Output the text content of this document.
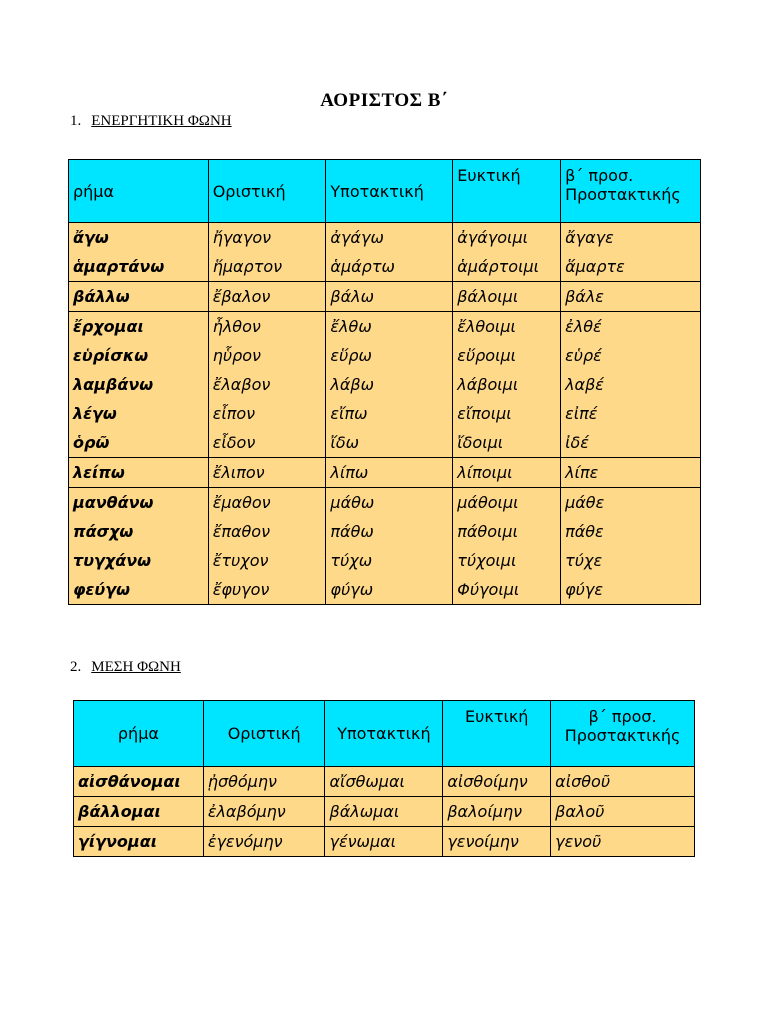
ΑΟΡΙΣΤΟΣ Β΄
1. ΕΝΕΡΓΗΤΙΚΗ ΦΩΝΗ
ρήμα	Οριστική	Υποτακτική	Ευκτική	β΄ προσ.
Προστακτικής

ἄγω	ἤγαγον	ἀγάγω	ἀγάγοιμι	ἄγαγε
ἁμαρτάνω	ἥμαρτον	ἁμάρτω	ἁμάρτοιμι	ἅμαρτε
βάλλω	ἔβαλον	βάλω	βάλοιμι	βάλε
ἔρχομαι	ἦλθον	ἔλθω	ἔλθοιμι	ἐλθέ
εὑρίσκω	ηὗρον	εὕρω	εὕροιμι	εὑρέ
λαμβάνω	ἔλαβον	λάβω	λάβοιμι	λαβέ
λέγω	εἶπον	εἴπω	εἴποιμι	εἰπέ
ὁρῶ	εἶδον	ἴδω	ἴδοιμι	ἰδέ
λείπω	ἔλιπον	λίπω	λίποιμι	λίπε
μανθάνω	ἔμαθον	μάθω	μάθοιμι	μάθε
πάσχω	ἔπαθον	πάθω	πάθοιμι	πάθε
τυγχάνω	ἔτυχον	τύχω	τύχοιμι	τύχε
φεύγω	ἔφυγον	φύγω	Φύγοιμι	φύγε
2. ΜΕΣΗ ΦΩΝΗ
ρήμα	Οριστική	Υποτακτική	Ευκτική	β΄ προσ.
Προστακτικής

αἰσθάνομαι	ᾐσθόμην	αἴσθωμαι	αἰσθοίμην	αἰσθοῦ
βάλλομαι	ἐλαβόμην	βάλωμαι	βαλοίμην	βαλοῦ
γίγνομαι	ἐγενόμην	γένωμαι	γενοίμην	γενοῦ
